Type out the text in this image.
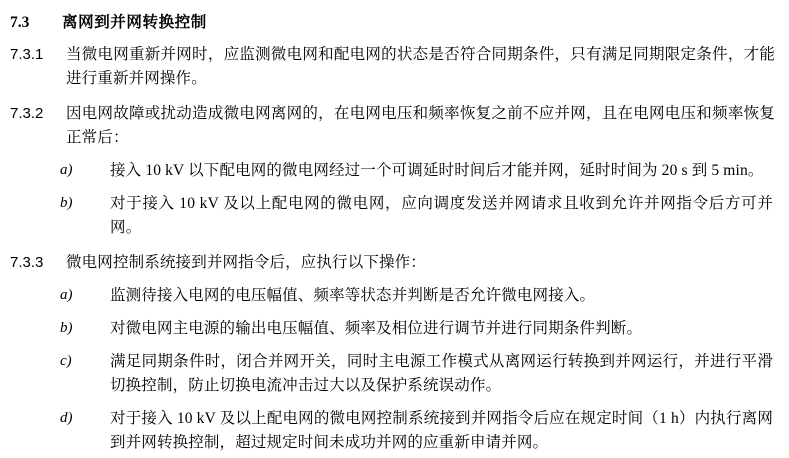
7.3	离网到并网转换控制
7.3.1	当微电网重新并网时，应监测微电网和配电网的状态是否符合同期条件，只有满足同期限定条件，才能进行重新并网操作。
7.3.2	因电网故障或扰动造成微电网离网的，在电网电压和频率恢复之前不应并网，且在电网电压和频率恢复正常后：
a)	接入 10 kV 以下配电网的微电网经过一个可调延时时间后才能并网，延时时间为 20 s 到 5 min。
b)	对于接入 10 kV 及以上配电网的微电网，应向调度发送并网请求且收到允许并网指令后方可并网。
7.3.3	微电网控制系统接到并网指令后，应执行以下操作：
a)	监测待接入电网的电压幅值、频率等状态并判断是否允许微电网接入。
b)	对微电网主电源的输出电压幅值、频率及相位进行调节并进行同期条件判断。
c)	满足同期条件时，闭合并网开关，同时主电源工作模式从离网运行转换到并网运行，并进行平滑切换控制，防止切换电流冲击过大以及保护系统误动作。
d)	对于接入 10 kV 及以上配电网的微电网控制系统接到并网指令后应在规定时间（1 h）内执行离网到并网转换控制，超过规定时间未成功并网的应重新申请并网。
